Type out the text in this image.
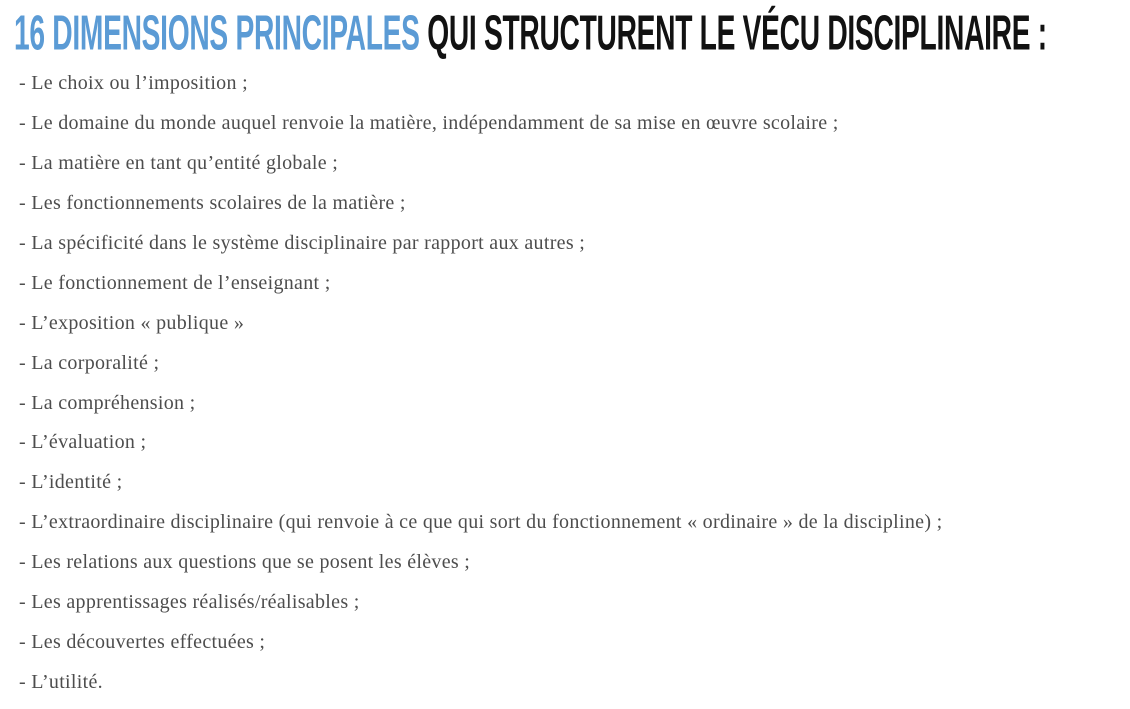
16 DIMENSIONS PRINCIPALES QUI STRUCTURENT LE VÉCU DISCIPLINAIRE :
- Le choix ou l’imposition ;
- Le domaine du monde auquel renvoie la matière, indépendamment de sa mise en œuvre scolaire ;
- La matière en tant qu’entité globale ;
- Les fonctionnements scolaires de la matière ;
- La spécificité dans le système disciplinaire par rapport aux autres ;
- Le fonctionnement de l’enseignant ;
- L’exposition « publique »
- La corporalité ;
- La compréhension ;
- L’évaluation ;
- L’identité ;
- L’extraordinaire disciplinaire (qui renvoie à ce que qui sort du fonctionnement « ordinaire » de la discipline) ;
- Les relations aux questions que se posent les élèves ;
- Les apprentissages réalisés/réalisables ;
- Les découvertes effectuées ;
- L’utilité.
